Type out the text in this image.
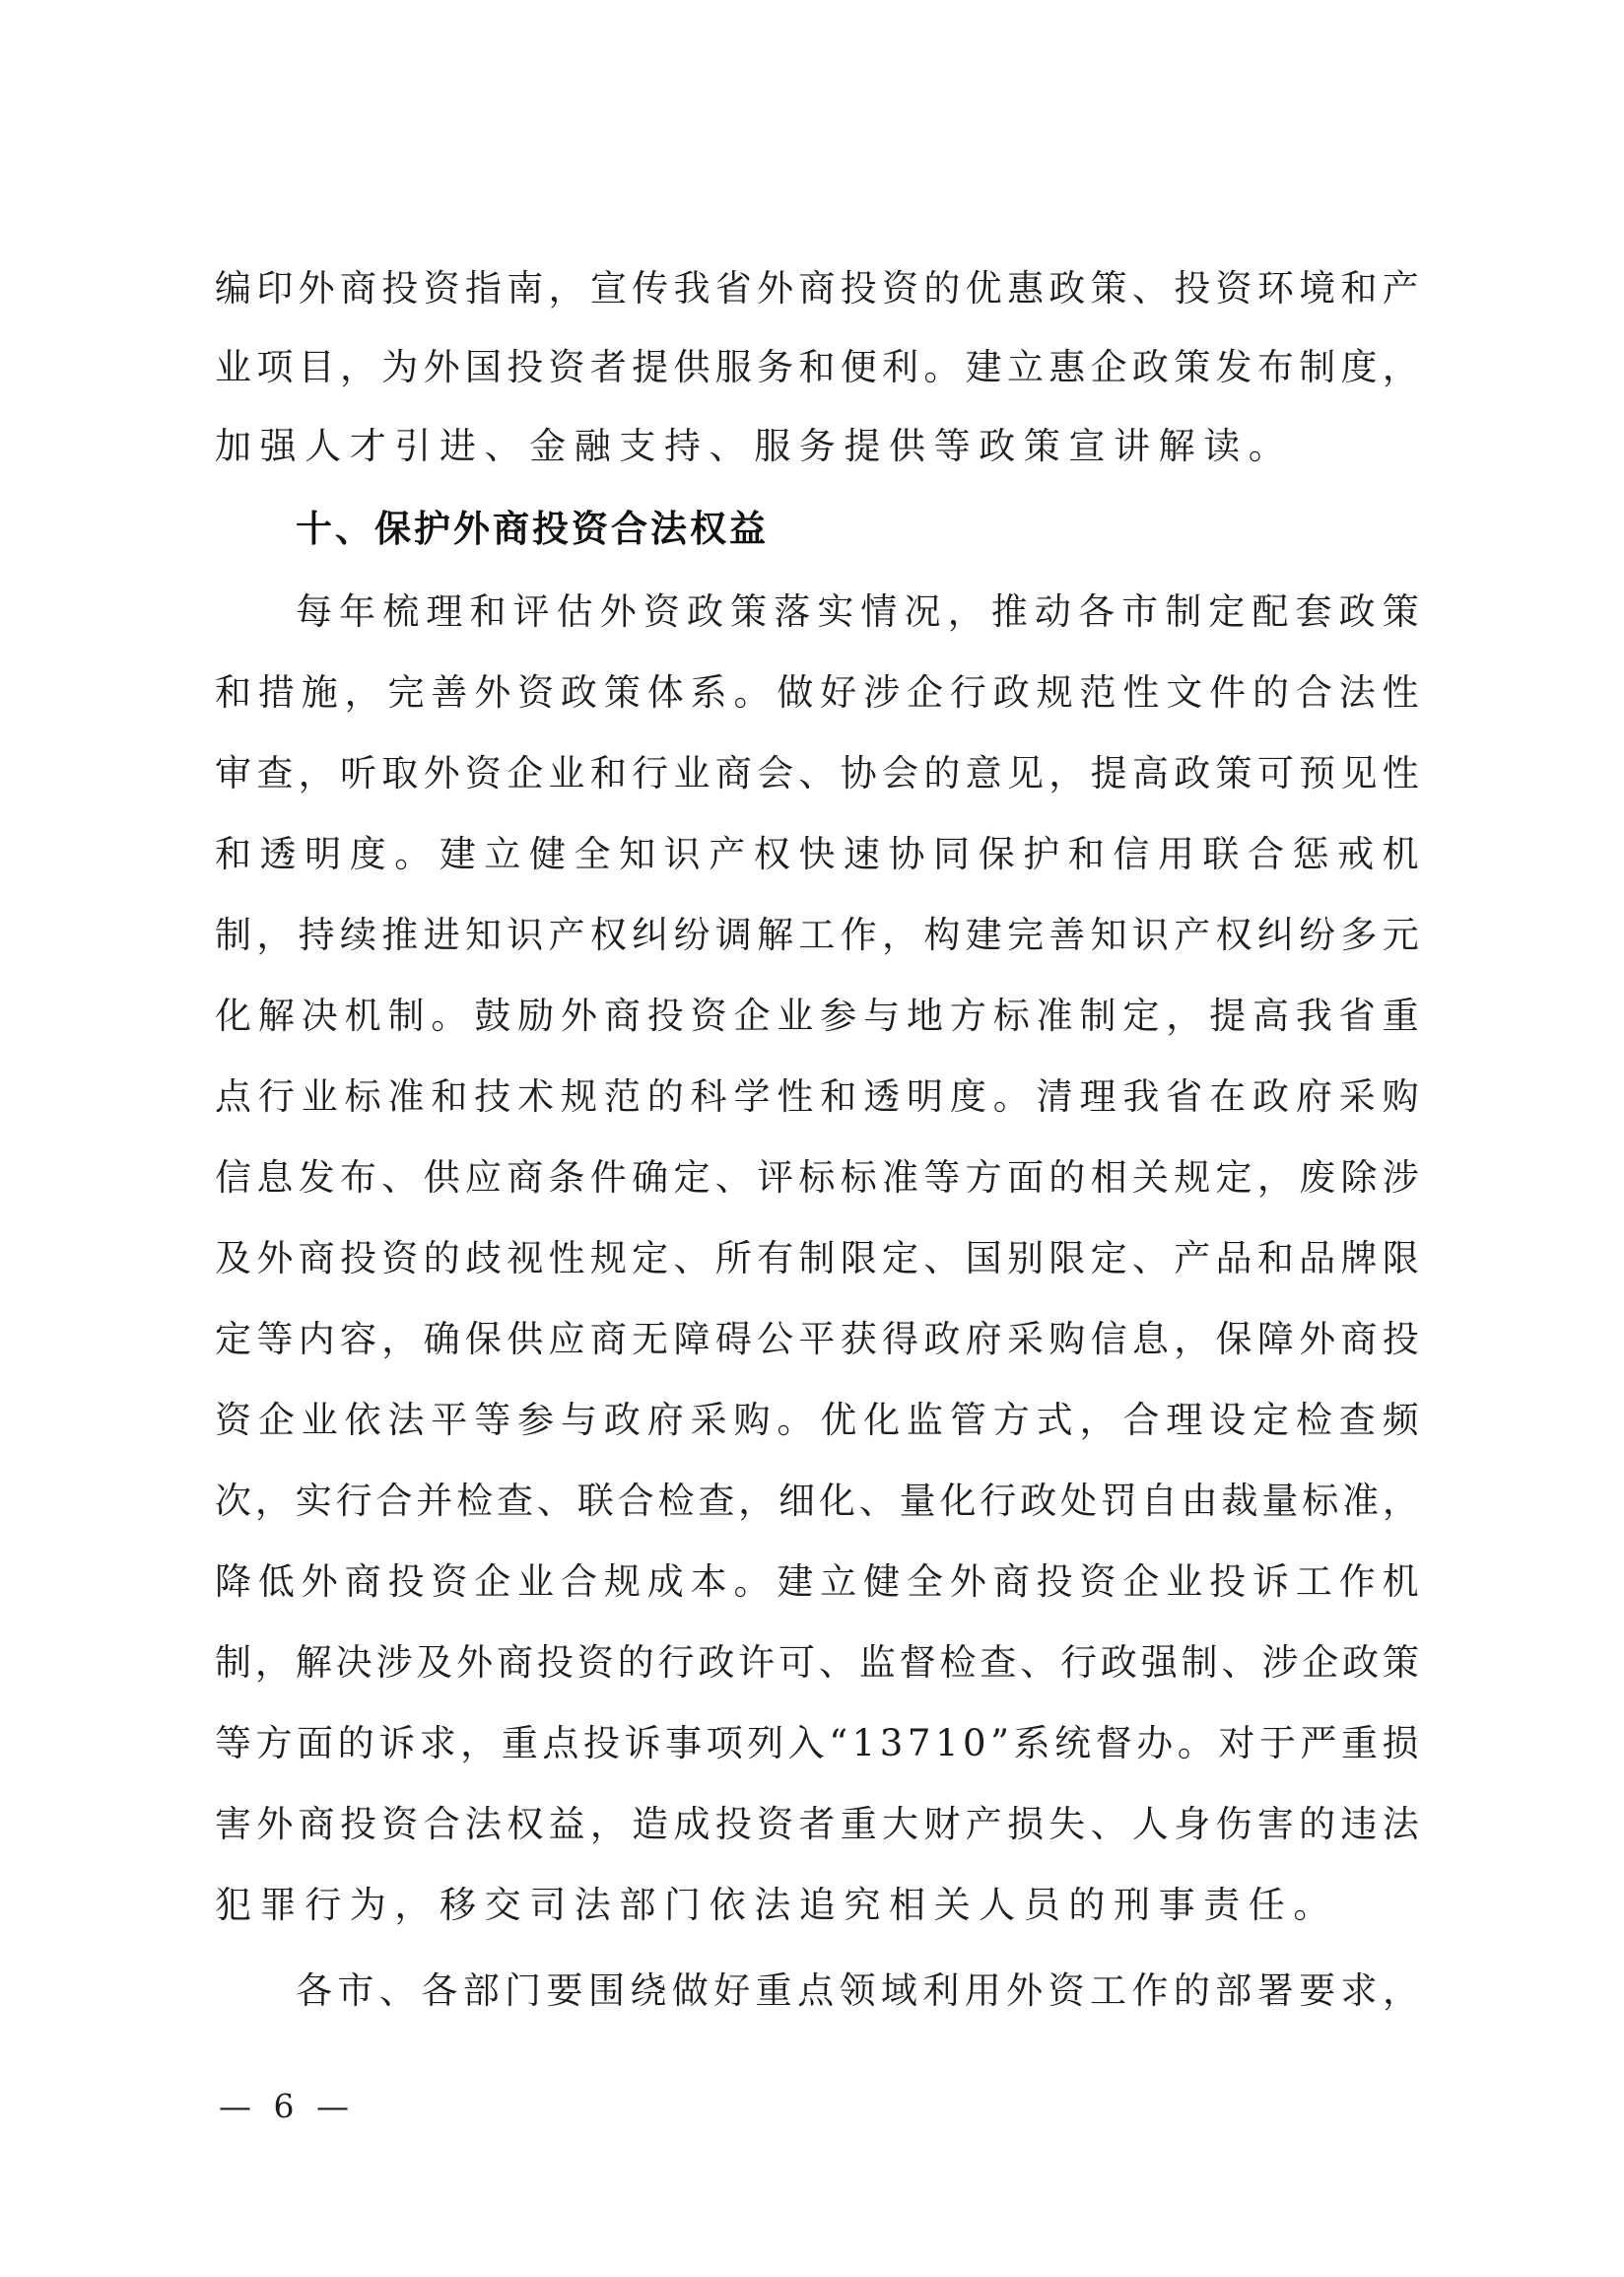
编 印 外 商 投 资 指 南 ， 宣 传 我 省 外 商 投 资 的 优 惠 政 策 、 投 资 环 境 和 产
业 项 目 ， 为 外 国 投 资 者 提 供 服 务 和 便 利 。 建 立 惠 企 政 策 发 布 制 度 ，
加强人才引进、金融支持、服务提供等政策宣讲解读。
十、保护外商投资合法权益
每 年 梳 理 和 评 估 外 资 政 策 落 实 情 况 ， 推 动 各 市 制 定 配 套 政 策
和 措 施 ， 完 善 外 资 政 策 体 系 。 做 好 涉 企 行 政 规 范 性 文 件 的 合 法 性
审 查 ， 听 取 外 资 企 业 和 行 业 商 会 、 协 会 的 意 见 ， 提 高 政 策 可 预 见 性
和 透 明 度 。 建 立 健 全 知 识 产 权 快 速 协 同 保 护 和 信 用 联 合 惩 戒 机
制 ， 持 续 推 进 知 识 产 权 纠 纷 调 解 工 作 ， 构 建 完 善 知 识 产 权 纠 纷 多 元
化 解 决 机 制 。 鼓 励 外 商 投 资 企 业 参 与 地 方 标 准 制 定 ， 提 高 我 省 重
点 行 业 标 准 和 技 术 规 范 的 科 学 性 和 透 明 度 。 清 理 我 省 在 政 府 采 购
信 息 发 布 、 供 应 商 条 件 确 定 、 评 标 标 准 等 方 面 的 相 关 规 定 ， 废 除 涉
及 外 商 投 资 的 歧 视 性 规 定 、 所 有 制 限 定 、 国 别 限 定 、 产 品 和 品 牌 限
定 等 内 容 ， 确 保 供 应 商 无 障 碍 公 平 获 得 政 府 采 购 信 息 ， 保 障 外 商 投
资 企 业 依 法 平 等 参 与 政 府 采 购 。 优 化 监 管 方 式 ， 合 理 设 定 检 查 频
次 ， 实 行 合 并 检 查 、 联 合 检 查 ， 细 化 、 量 化 行 政 处 罚 自 由 裁 量 标 准 ，
降 低 外 商 投 资 企 业 合 规 成 本 。 建 立 健 全 外 商 投 资 企 业 投 诉 工 作 机
制 ， 解 决 涉 及 外 商 投 资 的 行 政 许 可 、 监 督 检 查 、 行 政 强 制 、 涉 企 政 策
等 方 面 的 诉 求 ， 重 点 投 诉 事 项 列 入 “ 1 3 7 1 0 ” 系 统 督 办 。 对 于 严 重 损
害 外 商 投 资 合 法 权 益 ， 造 成 投 资 者 重 大 财 产 损 失 、 人 身 伤 害 的 违 法
犯罪行为，移交司法部门依法追究相关人员的刑事责任。
各 市 、 各 部 门 要 围 绕 做 好 重 点 领 域 利 用 外 资 工 作 的 部 署 要 求 ，
— 6 —
